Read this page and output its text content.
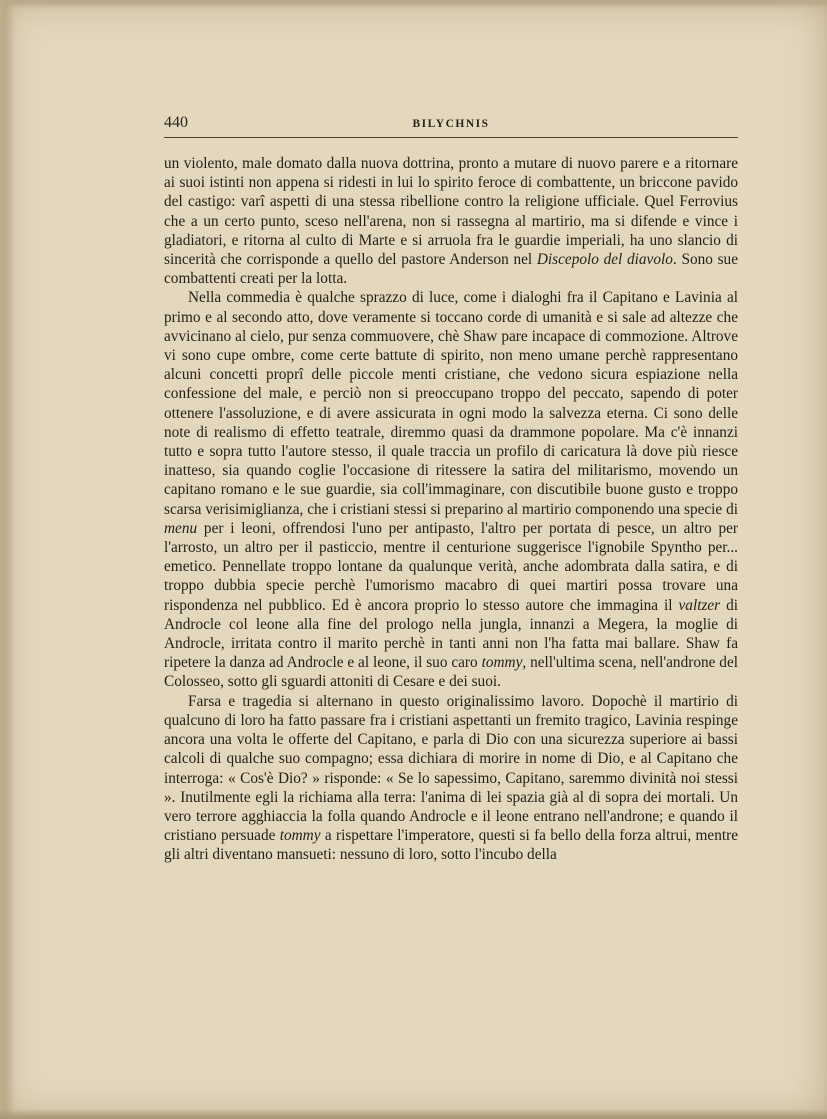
440	BILYCHNIS

un violento, male domato dalla nuova dottrina, pronto a mutare di nuovo parere e a ritornare ai suoi istinti non appena si ridesti in lui lo spirito feroce di combattente, un briccone pavido del castigo: varî aspetti di una stessa ribellione contro la religione ufficiale. Quel Ferrovius che a un certo punto, sceso nell'arena, non si rassegna al martirio, ma si difende e vince i gladiatori, e ritorna al culto di Marte e si arruola fra le guardie imperiali, ha uno slancio di sincerità che corrisponde a quello del pastore Anderson nel Discepolo del diavolo. Sono sue combattenti creati per la lotta.

Nella commedia è qualche sprazzo di luce, come i dialoghi fra il Capitano e Lavinia al primo e al secondo atto, dove veramente si toccano corde di umanità e si sale ad altezze che avvicinano al cielo, pur senza commuovere, chè Shaw pare incapace di commozione. Altrove vi sono cupe ombre, come certe battute di spirito, non meno umane perchè rappresentano alcuni concetti proprî delle piccole menti cristiane, che vedono sicura espiazione nella confessione del male, e perciò non si preoccupano troppo del peccato, sapendo di poter ottenere l'assoluzione, e di avere assicurata in ogni modo la salvezza eterna. Ci sono delle note di realismo di effetto teatrale, diremmo quasi da drammone popolare. Ma c'è innanzi tutto e sopra tutto l'autore stesso, il quale traccia un profilo di caricatura là dove più riesce inatteso, sia quando coglie l'occasione di ritessere la satira del militarismo, movendo un capitano romano e le sue guardie, sia coll'immaginare, con discutibile buone gusto e troppo scarsa verisimiglianza, che i cristiani stessi si preparino al martirio componendo una specie di menu per i leoni, offrendosi l'uno per antipasto, l'altro per portata di pesce, un altro per l'arrosto, un altro per il pasticcio, mentre il centurione suggerisce l'ignobile Spyntho per... emetico. Pennellate troppo lontane da qualunque verità, anche adombrata dalla satira, e di troppo dubbia specie perchè l'umorismo macabro di quei martiri possa trovare una rispondenza nel pubblico. Ed è ancora proprio lo stesso autore che immagina il valtzer di Androcle col leone alla fine del prologo nella jungla, innanzi a Megera, la moglie di Androcle, irritata contro il marito perchè in tanti anni non l'ha fatta mai ballare. Shaw fa ripetere la danza ad Androcle e al leone, il suo caro tommy, nell'ultima scena, nell'androne del Colosseo, sotto gli sguardi attoniti di Cesare e dei suoi.

Farsa e tragedia si alternano in questo originalissimo lavoro. Dopochè il martirio di qualcuno di loro ha fatto passare fra i cristiani aspettanti un fremito tragico, Lavinia respinge ancora una volta le offerte del Capitano, e parla di Dio con una sicurezza superiore ai bassi calcoli di qualche suo compagno; essa dichiara di morire in nome di Dio, e al Capitano che interroga: « Cos'è Dio? » risponde: « Se lo sapessimo, Capitano, saremmo divinità noi stessi ». Inutilmente egli la richiama alla terra: l'anima di lei spazia già al di sopra dei mortali. Un vero terrore agghiaccia la folla quando Androcle e il leone entrano nell'androne; e quando il cristiano persuade tommy a rispettare l'imperatore, questi si fa bello della forza altrui, mentre gli altri diventano mansueti: nessuno di loro, sotto l'incubo della
